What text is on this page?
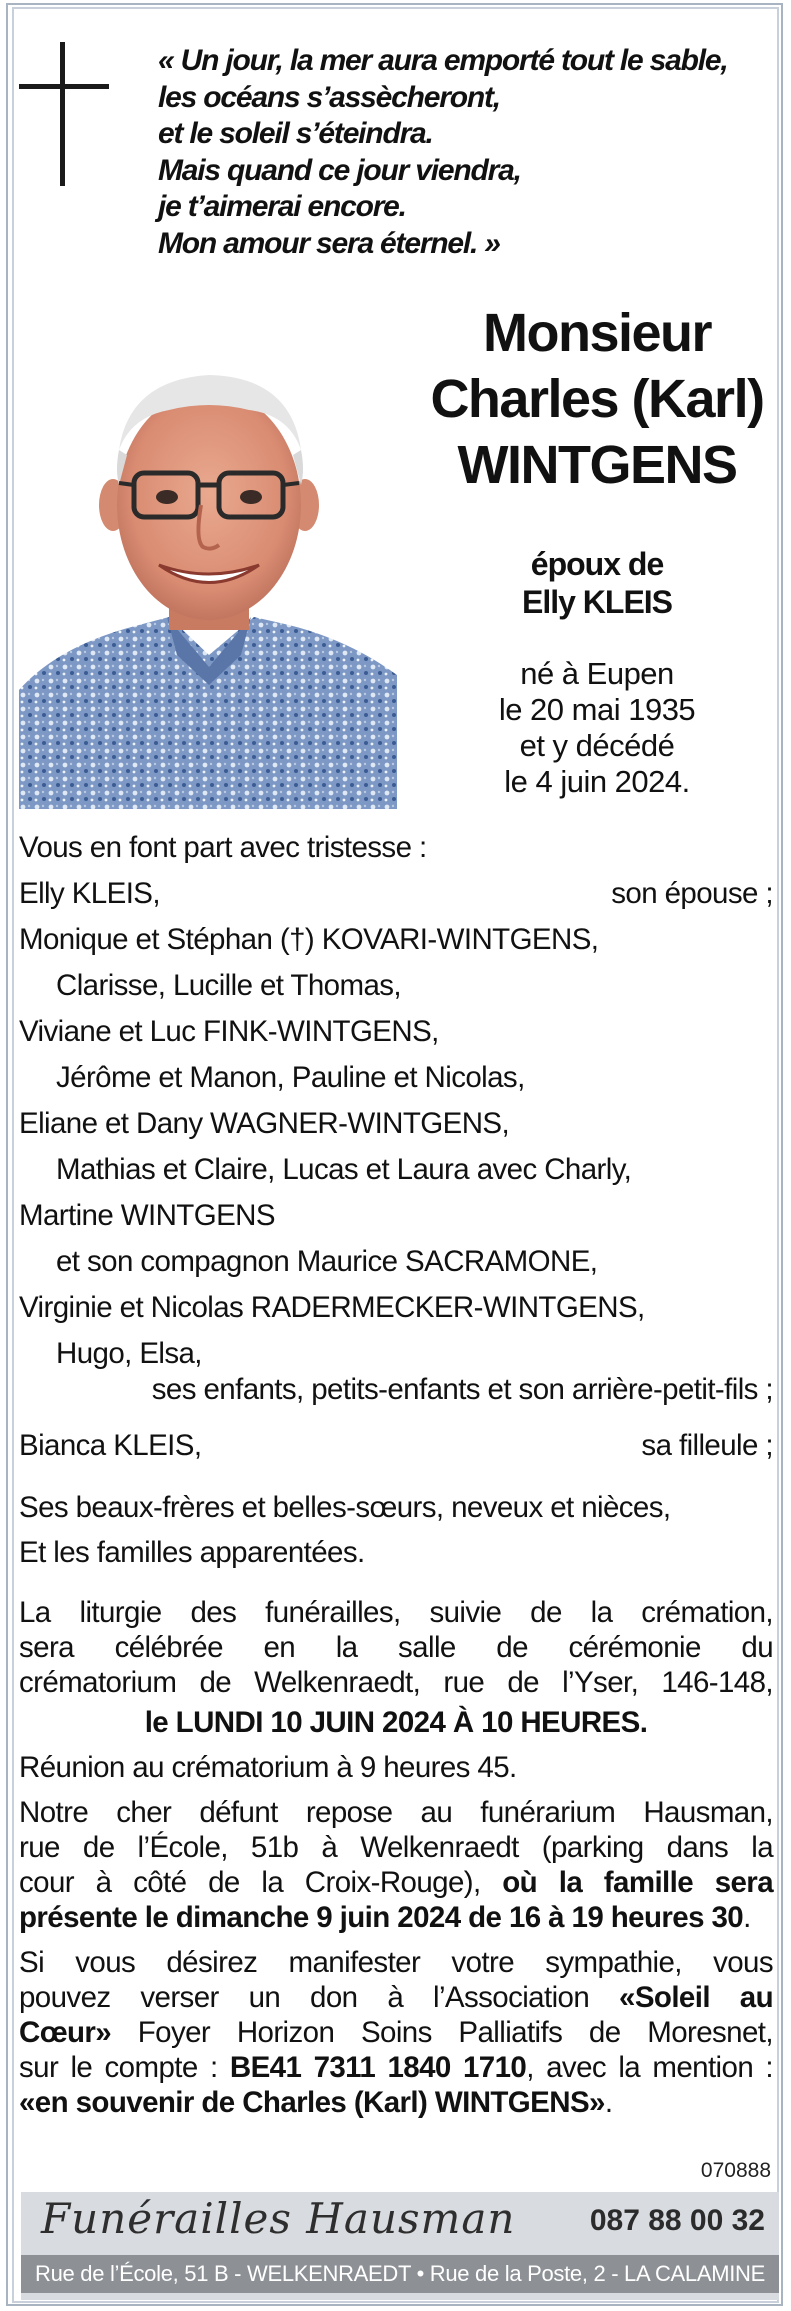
« Un jour, la mer aura emporté tout le sable,
les océans s’assècheront,
et le soleil s’éteindra.
Mais quand ce jour viendra,
je t’aimerai encore.
Mon amour sera éternel. »
Monsieur
Charles (Karl)
WINTGENS
époux de
Elly KLEIS
né à Eupen
le 20 mai 1935
et y décédé
le 4 juin 2024.
Vous en font part avec tristesse :
Elly KLEIS,	son épouse ;
Monique et Stéphan (†) KOVARI-WINTGENS,
Clarisse, Lucille et Thomas,
Viviane et Luc FINK-WINTGENS,
Jérôme et Manon, Pauline et Nicolas,
Eliane et Dany WAGNER-WINTGENS,
Mathias et Claire, Lucas et Laura avec Charly,
Martine WINTGENS
et son compagnon Maurice SACRAMONE,
Virginie et Nicolas RADERMECKER-WINTGENS,
Hugo, Elsa,
ses enfants, petits-enfants et son arrière-petit-fils ;
Bianca KLEIS,	sa filleule ;
Ses beaux-frères et belles-sœurs, neveux et nièces,
Et les familles apparentées.
La liturgie des funérailles, suivie de la crémation,
sera célébrée en la salle de cérémonie du
crématorium de Welkenraedt, rue de l’Yser, 146-148,
le LUNDI 10 JUIN 2024 À 10 HEURES.
Réunion au crématorium à 9 heures 45.
Notre cher défunt repose au funérarium Hausman,
rue de l’École, 51b à Welkenraedt (parking dans la
cour à côté de la Croix-Rouge), où la famille sera
présente le dimanche 9 juin 2024 de 16 à 19 heures 30.
Si vous désirez manifester votre sympathie, vous
pouvez verser un don à l’Association «Soleil au
Cœur» Foyer Horizon Soins Palliatifs de Moresnet,
sur le compte : BE41 7311 1840 1710, avec la mention :
«en souvenir de Charles (Karl) WINTGENS».
070888
Funérailles Hausman 087 88 00 32
Rue de l’École, 51 B - WELKENRAEDT • Rue de la Poste, 2 - LA CALAMINE
